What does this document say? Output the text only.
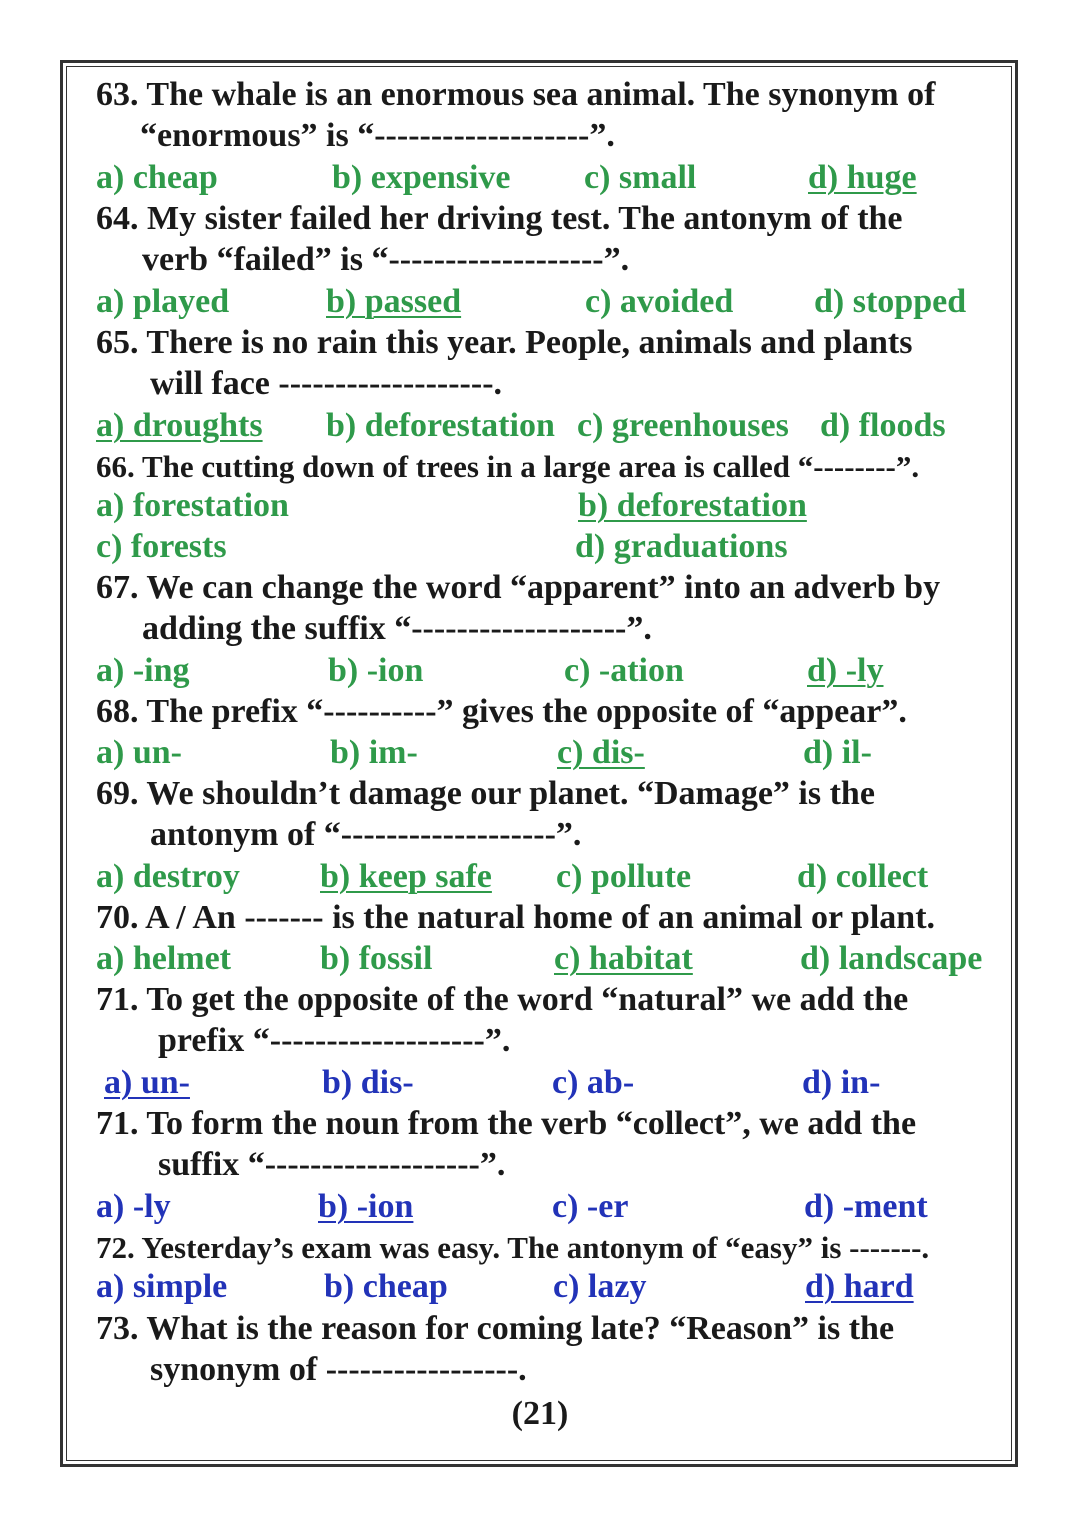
63. The whale is an enormous sea animal. The synonym of
“enormous” is “-------------------”.
a) cheap	b) expensive c) small	d) huge
64. My sister failed her driving test. The antonym of the
verb “failed” is “-------------------”.
a) played	b) passed	c) avoided d) stopped
65. There is no rain this year. People, animals and plants
will face -------------------.
a) droughts b) deforestation c) greenhouses d) floods
66. The cutting down of trees in a large area is called “--------”.
a) forestation	b) deforestation
c) forests	d) graduations
67. We can change the word “apparent” into an adverb by
adding the suffix “-------------------”.
a) -ing	b) -ion	c) -ation	d) -ly
68. The prefix “----------” gives the opposite of “appear”.
a) un-	b) im-	c) dis-	d) il-
69. We shouldn’t damage our planet. “Damage” is the
antonym of “-------------------”.
a) destroy b) keep safe c) pollute	d) collect
70. A / An ------- is the natural home of an animal or plant.
a) helmet	b) fossil	c) habitat	d) landscape
71. To get the opposite of the word “natural” we add the
prefix “-------------------”.
a) un-	b) dis-	c) ab-	d) in-
71. To form the noun from the verb “collect”, we add the
suffix “-------------------”.
a) -ly	b) -ion	c) -er	d) -ment
72. Yesterday’s exam was easy. The antonym of “easy” is -------.
a) simple	b) cheap	c) lazy	d) hard
73. What is the reason for coming late? “Reason” is the
synonym of -----------------.
(21)
